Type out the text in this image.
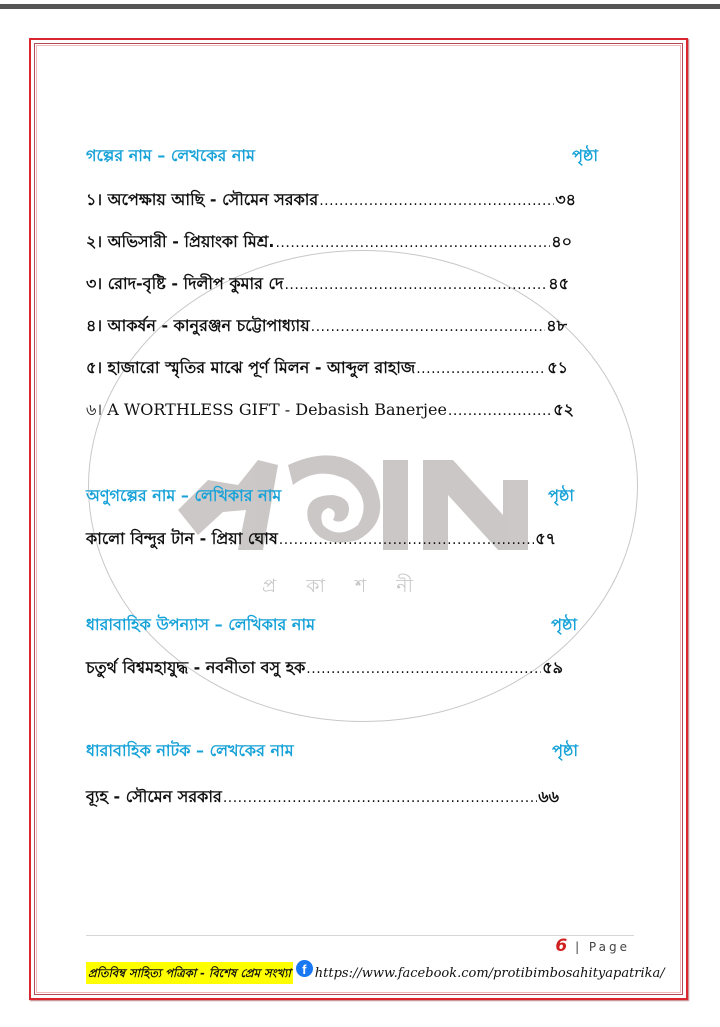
প্রকাশনী
গল্পের নাম – লেখকের নাম	পৃষ্ঠা
১। অপেক্ষায় আছি - সৌমেন সরকার .....	৩৪
২। অভিসারী - প্রিয়াংকা মিশ্র. .....	৪০
৩। রোদ-বৃষ্টি - দিলীপ কুমার দে .....	৪৫
৪। আকর্ষন - কানুরঞ্জন চট্টোপাধ্যায় .....	৪৮
৫। হাজারো স্মৃতির মাঝে পূর্ণ মিলন - আব্দুল রাহাজ .....	৫১
৬। A WORTHLESS GIFT - Debasish Banerjee .....	৫২
অণুগল্পের নাম – লেখিকার নাম	পৃষ্ঠা
কালো বিন্দুর টান - প্রিয়া ঘোষ .....	৫৭
ধারাবাহিক উপন্যাস – লেখিকার নাম	পৃষ্ঠা
চতুর্থ বিশ্বমহাযুদ্ধ - নবনীতা বসু হক .....	৫৯
ধারাবাহিক নাটক – লেখকের নাম	পৃষ্ঠা
ব্যূহ - সৌমেন সরকার .....	৬৬
6 | Page
প্রতিবিম্ব সাহিত্য পত্রিকা - বিশেষ প্রেম সংখ্যা f https://www.facebook.com/protibimbosahityapatrika/
